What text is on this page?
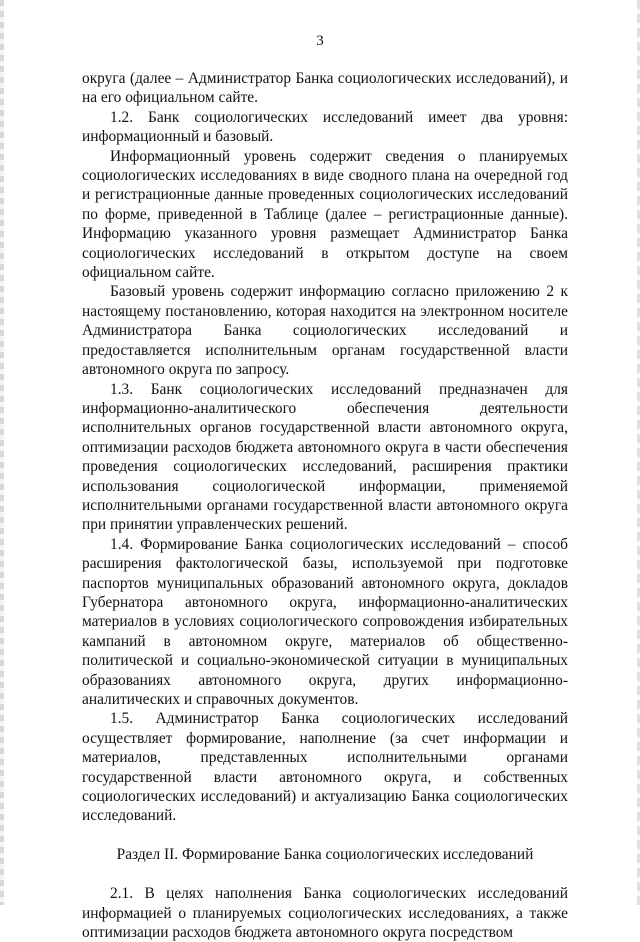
3

округа (далее – Администратор Банка социологических исследований), и на его официальном сайте.

1.2. Банк социологических исследований имеет два уровня: информационный и базовый.

Информационный уровень содержит сведения о планируемых социологических исследованиях в виде сводного плана на очередной год и регистрационные данные проведенных социологических исследований по форме, приведенной в Таблице (далее – регистрационные данные). Информацию указанного уровня размещает Администратор Банка социологических исследований в открытом доступе на своем официальном сайте.

Базовый уровень содержит информацию согласно приложению 2 к настоящему постановлению, которая находится на электронном носителе Администратора Банка социологических исследований и предоставляется исполнительным органам государственной власти автономного округа по запросу.

1.3. Банк социологических исследований предназначен для информационно-аналитического обеспечения деятельности исполнительных органов государственной власти автономного округа, оптимизации расходов бюджета автономного округа в части обеспечения проведения социологических исследований, расширения практики использования социологической информации, применяемой исполнительными органами государственной власти автономного округа при принятии управленческих решений.

1.4. Формирование Банка социологических исследований – способ расширения фактологической базы, используемой при подготовке паспортов муниципальных образований автономного округа, докладов Губернатора автономного округа, информационно-аналитических материалов в условиях социологического сопровождения избирательных кампаний в автономном округе, материалов об общественно-политической и социально-экономической ситуации в муниципальных образованиях автономного округа, других информационно-аналитических и справочных документов.

1.5. Администратор Банка социологических исследований осуществляет формирование, наполнение (за счет информации и материалов, представленных исполнительными органами государственной власти автономного округа, и собственных социологических исследований) и актуализацию Банка социологических исследований.

Раздел II. Формирование Банка социологических исследований

2.1. В целях наполнения Банка социологических исследований информацией о планируемых социологических исследованиях, а также оптимизации расходов бюджета автономного округа посредством
